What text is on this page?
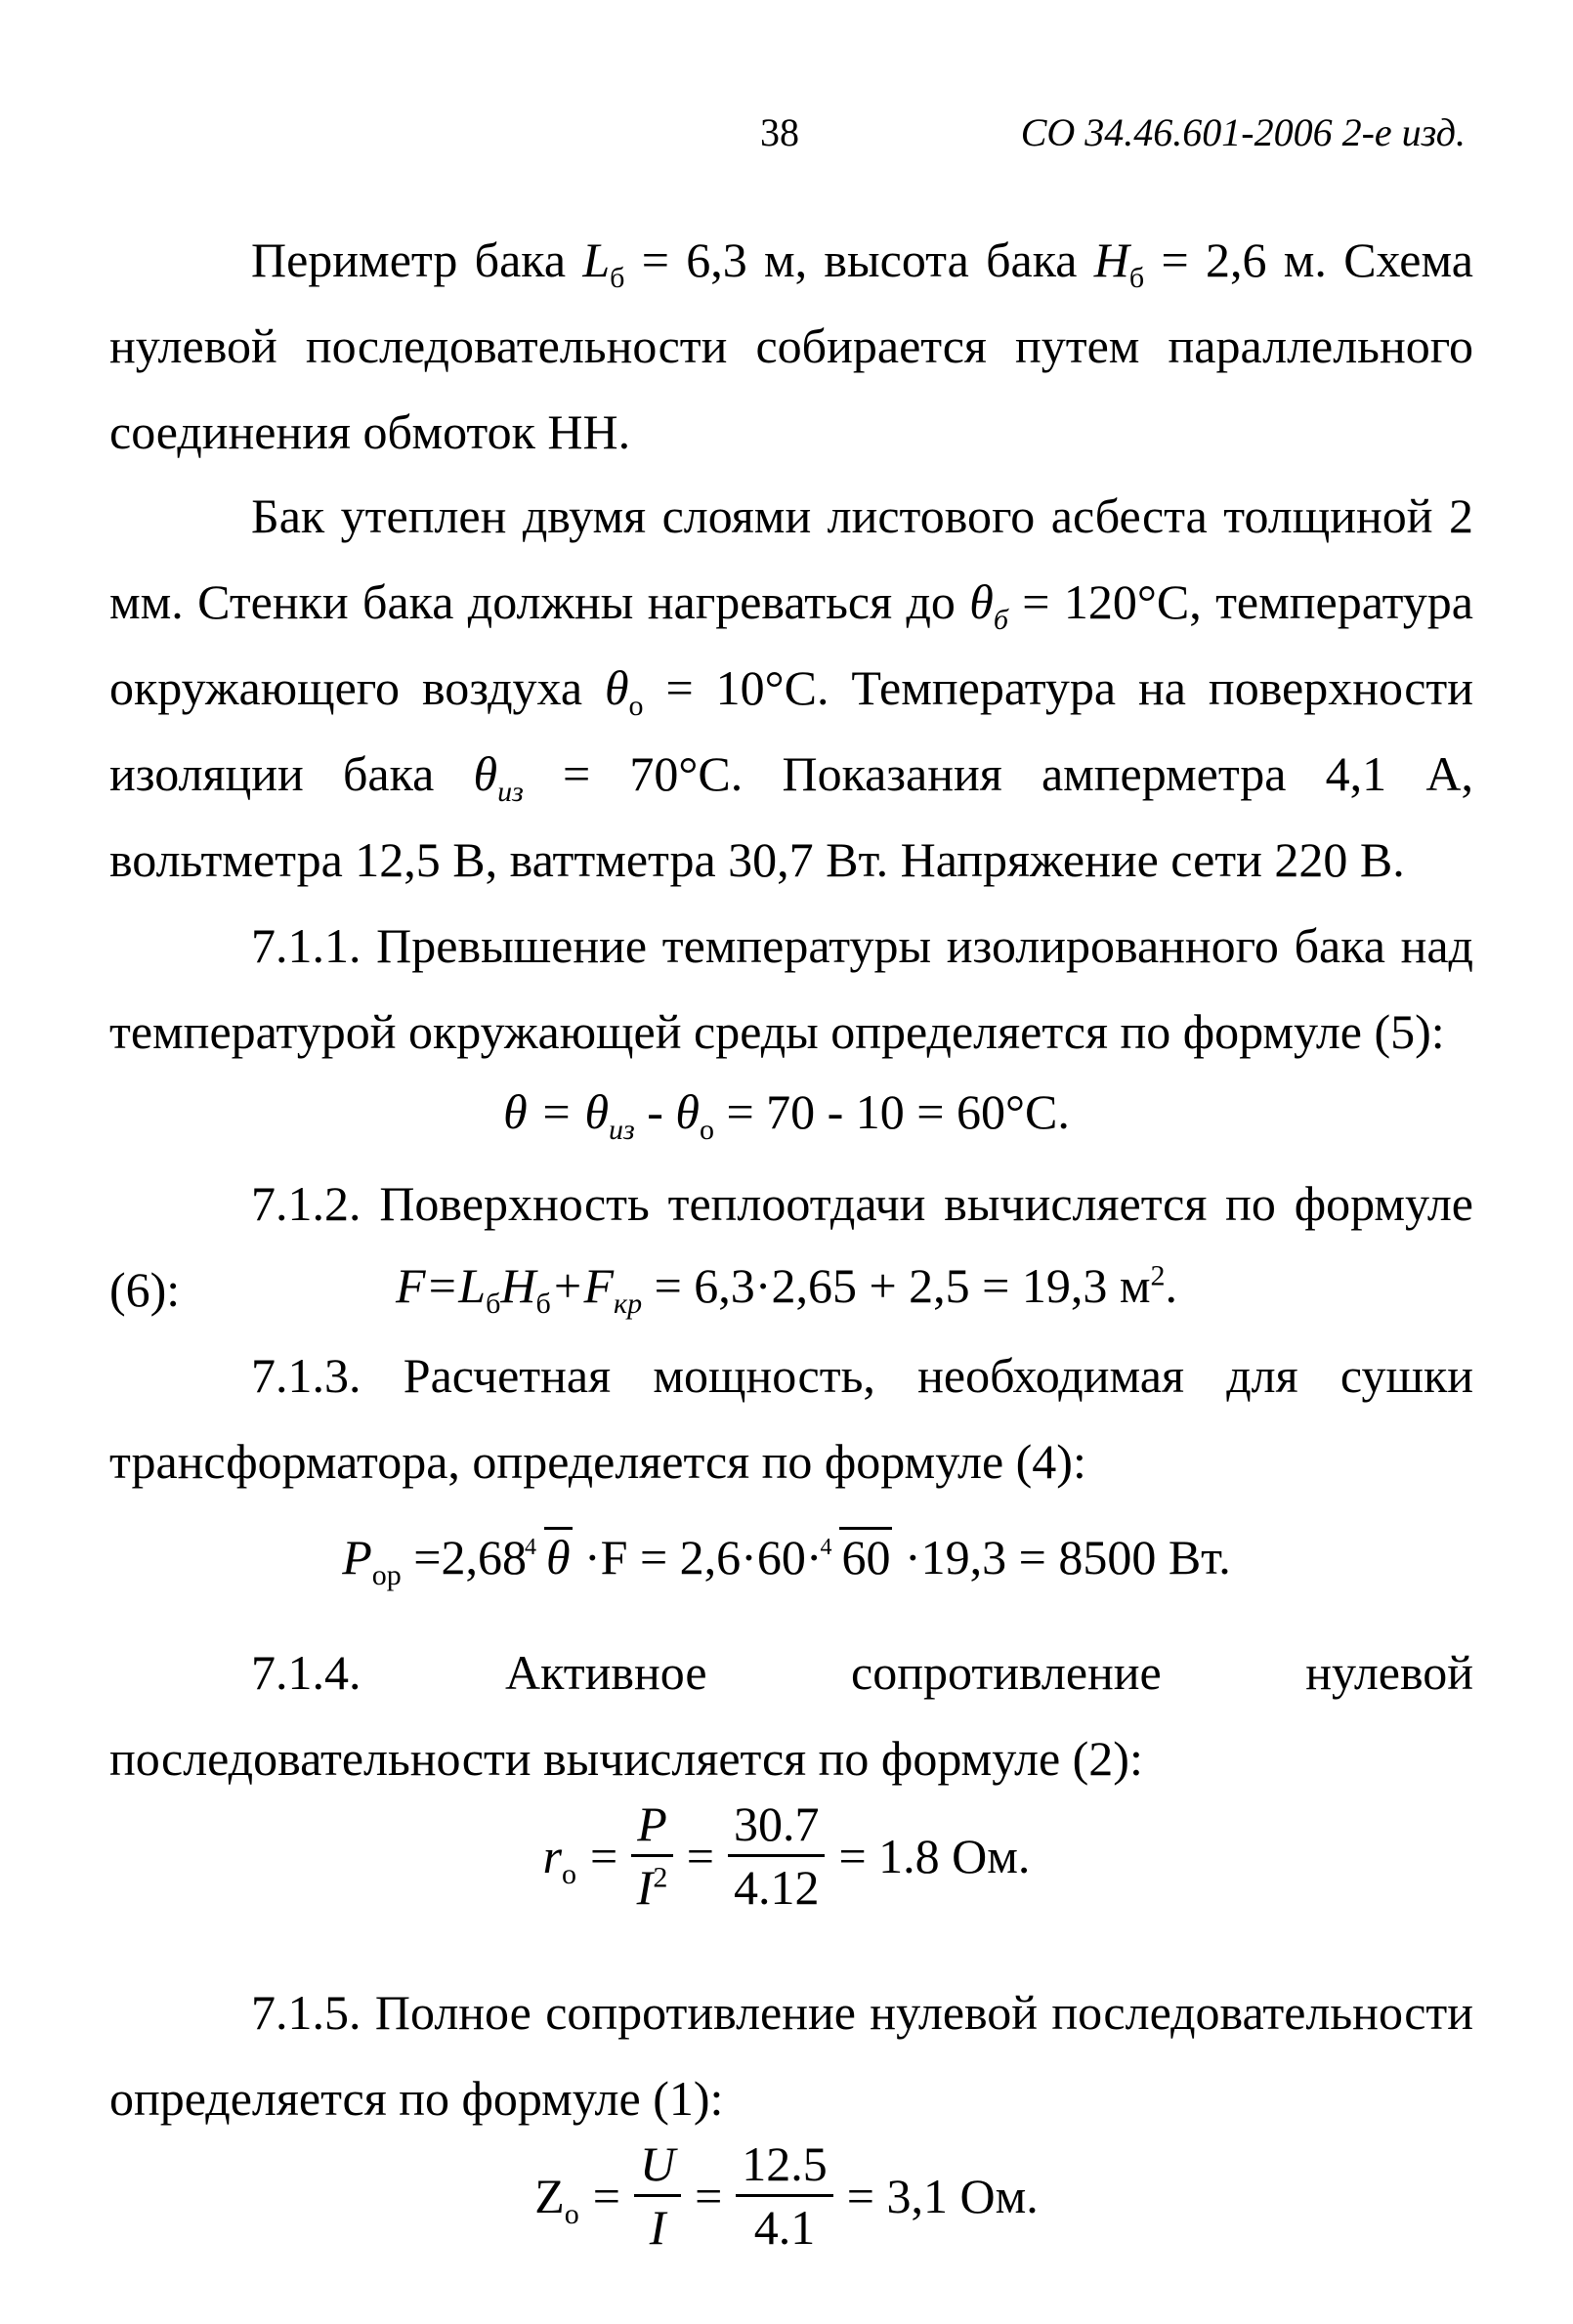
38	СО 34.46.601-2006 2-е изд.
Периметр бака $L_б = 6,3$ м, высота бака $H_б = 2,6$ м. Схема нулевой последовательности собирается путем параллельного соединения обмоток НН.
Бак утеплен двумя слоями листового асбеста толщиной 2 мм. Стенки бака должны нагреваться до $\theta_б = 120^\circ C$, температура окружающего воздуха $\theta_о = 10^\circ C$. Температура на поверхности изоляции бака $\theta_{из} = 70^\circ C$. Показания амперметра 4,1 А, вольтметра 12,5 В, ваттметра 30,7 Вт. Напряжение сети 220 В.
7.1.1. Превышение температуры изолированного бака над температурой окружающей среды определяется по формуле (5):
$\theta = \theta_{из} - \theta_о = 70 - 10 = 60^\circ C$.
7.1.2. Поверхность теплоотдачи вычисляется по формуле (6):	$F=L_бH_б+F_{кр} = 6,3\cdot 2,65 + 2,5 = 19,3$ $м^2$.
7.1.3. Расчетная мощность, необходимая для сушки трансформатора, определяется по формуле (4):
$P_{ор} =2,68$
4 θ ·F = 2,6·60·
4 60 ·19,3 = 8500 Вт.
7.1.4. Активное сопротивление нулевой последовательности вычисляется по формуле (2):
$r_о = \frac{P}{I^2} = \frac{30.7}{4.12} = 1.8$ Ом.
7.1.5. Полное сопротивление нулевой последовательности определяется по формуле (1):
$Z_о = \frac{U}{I} = \frac{12.5}{4.1} = 3,1$ Ом.
